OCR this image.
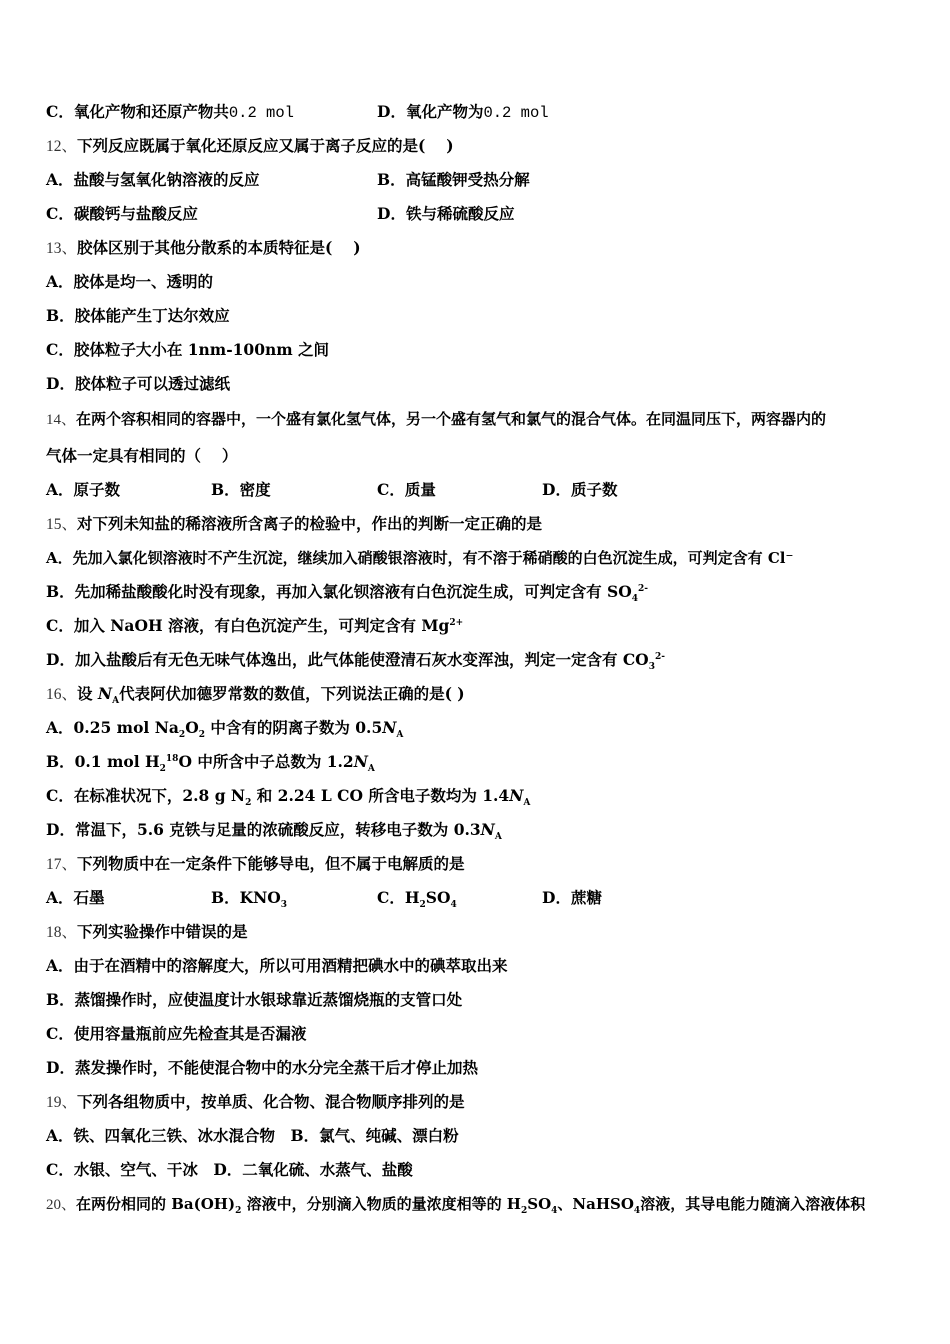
C．氧化产物和还原产物共0.2 mol	D．氧化产物为0.2 mol
12、下列反应既属于氧化还原反应又属于离子反应的是(　 )
A．盐酸与氢氧化钠溶液的反应	B．高锰酸钾受热分解
C．碳酸钙与盐酸反应	D．铁与稀硫酸反应
13、胶体区别于其他分散系的本质特征是(　 )
A．胶体是均一、透明的
B．胶体能产生丁达尔效应
C．胶体粒子大小在 1nm-100nm 之间
D．胶体粒子可以透过滤纸
14、在两个容积相同的容器中，一个盛有氯化氢气体，另一个盛有氢气和氯气的混合气体。在同温同压下，两容器内的
气体一定具有相同的（　 ）
A．原子数	B．密度	C．质量	D．质子数
15、对下列未知盐的稀溶液所含离子的检验中，作出的判断一定正确的是
A．先加入氯化钡溶液时不产生沉淀，继续加入硝酸银溶液时，有不溶于稀硝酸的白色沉淀生成，可判定含有 Cl⁻
B．先加稀盐酸酸化时没有现象，再加入氯化钡溶液有白色沉淀生成，可判定含有 $SO_4^{2-}$
C．加入 NaOH 溶液，有白色沉淀产生，可判定含有 $Mg^{2+}$
D．加入盐酸后有无色无味气体逸出，此气体能使澄清石灰水变浑浊，判定一定含有 $CO_3^{2-}$
16、设 $N_A$代表阿伏加德罗常数的数值，下列说法正确的是( )
A．0.25 mol $Na_2O_2$ 中含有的阴离子数为 $0.5N_A$
B．0.1 mol $H_2^{18}O$ 中所含中子总数为 $1.2N_A$
C．在标准状况下，2.8 g $N_2$ 和 2.24 L CO 所含电子数均为 $1.4N_A$
D．常温下，5.6 克铁与足量的浓硫酸反应，转移电子数为 $0.3N_A$
17、下列物质中在一定条件下能够导电，但不属于电解质的是
A．石墨	B．$KNO_3$	C．$H_2SO_4$	D．蔗糖
18、下列实验操作中错误的是
A．由于在酒精中的溶解度大，所以可用酒精把碘水中的碘萃取出来
B．蒸馏操作时，应使温度计水银球靠近蒸馏烧瓶的支管口处
C．使用容量瓶前应先检查其是否漏液
D．蒸发操作时，不能使混合物中的水分完全蒸干后才停止加热
19、下列各组物质中，按单质、化合物、混合物顺序排列的是
A．铁、四氧化三铁、冰水混合物　B．氯气、纯碱、漂白粉
C．水银、空气、干冰　D．二氧化硫、水蒸气、盐酸
20、在两份相同的 $Ba(OH)_2$ 溶液中，分别滴入物质的量浓度相等的 $H_2SO_4$、NaHSO$_4$溶液，其导电能力随滴入溶液体积
